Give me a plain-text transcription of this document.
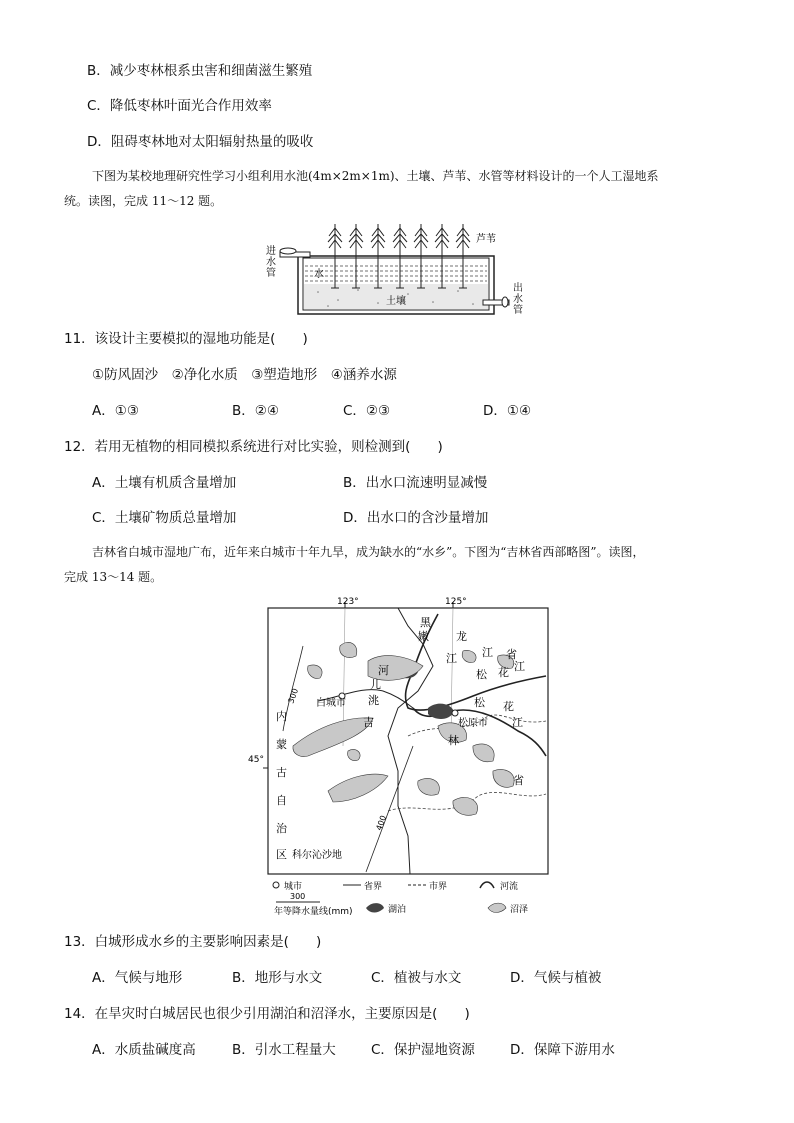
B．减少枣林根系虫害和细菌滋生繁殖
C．降低枣林叶面光合作用效率
D．阻碍枣林地对太阳辐射热量的吸收
下图为某校地理研究性学习小组利用水池(4m×2m×1m)、土壤、芦苇、水管等材料设计的一个人工湿地系
统。读图，完成 11～12 题。
进
水
管
出
水
管
芦苇
水
土壤
11．该设计主要模拟的湿地功能是(　　)
①防风固沙　②净化水质　③塑造地形　④涵养水源
A．①③	B．②④	C．②③	D．①④
12．若用无植物的相同模拟系统进行对比实验，则检测到(　　)
A．土壤有机质含量增加	B．出水口流速明显减慢
C．土壤矿物质总量增加	D．出水口的含沙量增加
吉林省白城市湿地广布，近年来白城市十年九旱，成为缺水的“水乡”。下图为“吉林省西部略图”。读图，
完成 13～14 题。
123°	125°
45°
300
400
黑
龙
江 省
嫩
江
松 花 江
松 花
江
洮
儿
河
吉
林
省
内
蒙
古
自
治
区
白城市
松原市
科尔沁沙地
城市	省界	市界	河流
300
年等降水量线(mm)	湖泊	沼泽
13．白城形成水乡的主要影响因素是(　　)
A．气候与地形	B．地形与水文	C．植被与水文	D．气候与植被
14．在旱灾时白城居民也很少引用湖泊和沼泽水，主要原因是(　　)
A．水质盐碱度高	B．引水工程量大	C．保护湿地资源	D．保障下游用水
